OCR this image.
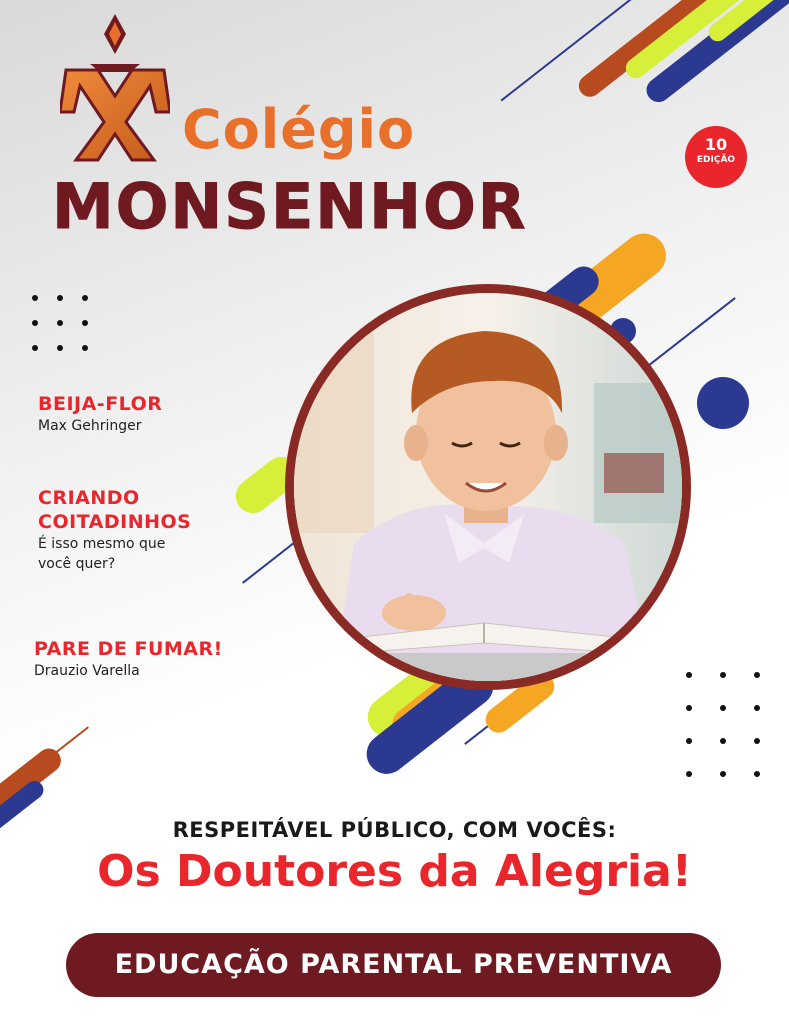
Colégio
MONSENHOR
10
EDIÇÃO
BEIJA-FLOR
Max Gehringer
CRIANDO
COITADINHOS
É isso mesmo que
você quer?
PARE DE FUMAR!
Drauzio Varella
RESPEITÁVEL PÚBLICO, COM VOCÊS:
Os Doutores da Alegria!
EDUCAÇÃO PARENTAL PREVENTIVA
